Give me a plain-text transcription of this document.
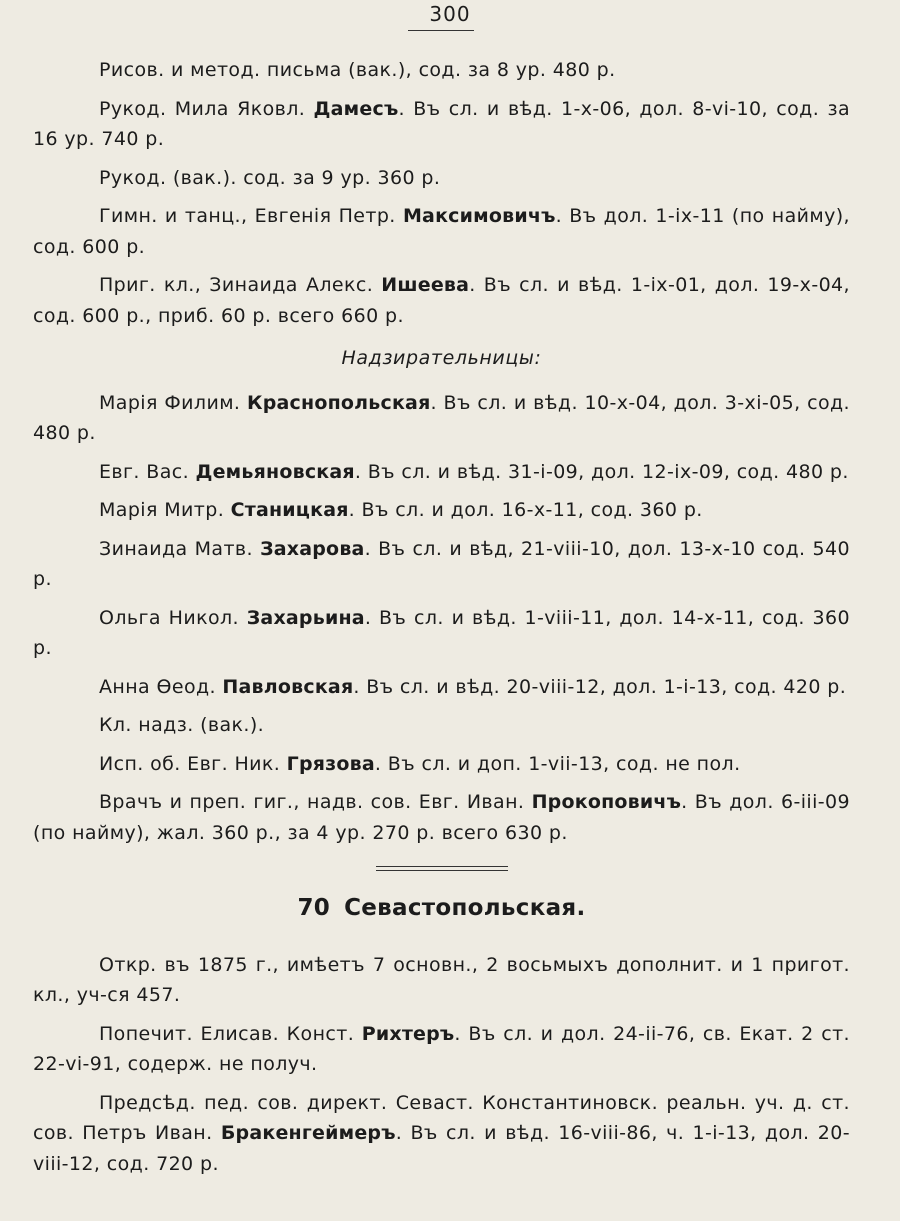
300

Рисов. и метод. письма (вак.), сод. за 8 ур. 480 р.

Рукод. Мила Яковл. Дамесъ. Въ сл. и вѣд. 1-x-06, дол. 8-vi-10, сод. за 16 ур. 740 р.

Рукод. (вак.). сод. за 9 ур. 360 р.

Гимн. и танц., Евгенія Петр. Максимовичъ. Въ дол. 1-ix-11 (по найму), сод. 600 р.

Приг. кл., Зинаида Алекс. Ишеева. Въ сл. и вѣд. 1-ix-01, дол. 19-x-04, сод. 600 р., приб. 60 р. всего 660 р.

Надзирательницы:

Марія Филим. Краснопольская. Въ сл. и вѣд. 10-x-04, дол. 3-xi-05, сод. 480 р.

Евг. Вас. Демьяновская. Въ сл. и вѣд. 31-i-09, дол. 12-ix-09, сод. 480 р.

Марія Митр. Станицкая. Въ сл. и дол. 16-x-11, сод. 360 р.

Зинаида Матв. Захарова. Въ сл. и вѣд, 21-viii-10, дол. 13-x-10 сод. 540 р.

Ольга Никол. Захарьина. Въ сл. и вѣд. 1-viii-11, дол. 14-x-11, сод. 360 р.

Анна Ѳеод. Павловская. Въ сл. и вѣд. 20-viii-12, дол. 1-i-13, сод. 420 р.

Кл. надз. (вак.).

Исп. об. Евг. Ник. Грязова. Въ сл. и доп. 1-vii-13, сод. не пол.

Врачъ и преп. гиг., надв. сов. Евг. Иван. Прокоповичъ. Въ дол. 6-iii-09 (по найму), жал. 360 р., за 4 ур. 270 р. всего 630 р.

70 Севастопольская.

Откр. въ 1875 г., имѣетъ 7 основн., 2 восьмыхъ дополнит. и 1 пригот. кл., уч-ся 457.

Попечит. Елисав. Конст. Рихтеръ. Въ сл. и дол. 24-ii-76, св. Екат. 2 ст. 22-vi-91, содерж. не получ.

Предсѣд. пед. сов. директ. Севаст. Константиновск. реальн. уч. д. ст. сов. Петръ Иван. Бракенгеймеръ. Въ сл. и вѣд. 16-viii-86, ч. 1-i-13, дол. 20-viii-12, сод. 720 р.
